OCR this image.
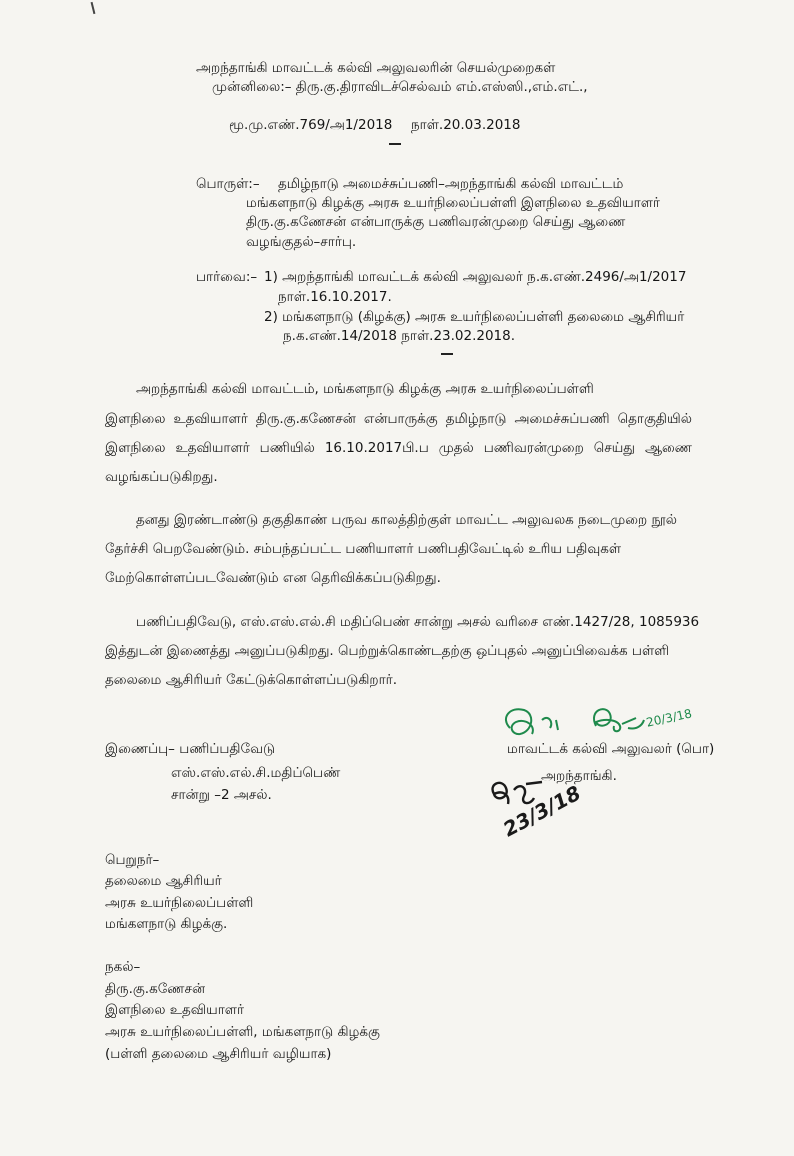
அறந்தாங்கி மாவட்டக் கல்வி அலுவலரின் செயல்முறைகள்
முன்னிலை:– திரு.கு.திராவிடச்செல்வம் எம்.எஸ்ஸி.,எம்.எட்.,
மூ.மு.எண்.769/அ1/2018 நாள்.20.03.2018
பொருள்:– தமிழ்நாடு அமைச்சுப்பணி–அறந்தாங்கி கல்வி மாவட்டம்
மங்களநாடு கிழக்கு அரசு உயர்நிலைப்பள்ளி இளநிலை உதவியாளர்
திரு.கு.கணேசன் என்பாருக்கு பணிவரன்முறை செய்து ஆணை
வழங்குதல்–சார்பு.
பார்வை:– 1) அறந்தாங்கி மாவட்டக் கல்வி அலுவலர் ந.க.எண்.2496/அ1/2017
நாள்.16.10.2017.
2) மங்களநாடு (கிழக்கு) அரசு உயர்நிலைப்பள்ளி தலைமை ஆசிரியர்
ந.க.எண்.14/2018 நாள்.23.02.2018.
அறந்தாங்கி கல்வி மாவட்டம், மங்களநாடு கிழக்கு அரசு உயர்நிலைப்பள்ளி
இளநிலை உதவியாளர் திரு.கு.கணேசன் என்பாருக்கு தமிழ்நாடு அமைச்சுப்பணி தொகுதியில்
இளநிலை உதவியாளர் பணியில் 16.10.2017பி.ப முதல் பணிவரன்முறை செய்து ஆணை
வழங்கப்படுகிறது.
தனது இரண்டாண்டு தகுதிகாண் பருவ காலத்திற்குள் மாவட்ட அலுவலக நடைமுறை நூல்
தேர்ச்சி பெறவேண்டும். சம்பந்தப்பட்ட பணியாளர் பணிபதிவேட்டில் உரிய பதிவுகள்
மேற்கொள்ளப்படவேண்டும் என தெரிவிக்கப்படுகிறது.
பணிப்பதிவேடு, எஸ்.எஸ்.எல்.சி மதிப்பெண் சான்று அசல் வரிசை எண்.1427/28, 1085936
இத்துடன் இணைத்து அனுப்படுகிறது. பெற்றுக்கொண்டதற்கு ஒப்புதல் அனுப்பிவைக்க பள்ளி
தலைமை ஆசிரியர் கேட்டுக்கொள்ளப்படுகிறார்.
20/3/18
மாவட்டக் கல்வி அலுவலர் (பொ)
அறந்தாங்கி.
இணைப்பு– பணிப்பதிவேடு
எஸ்.எஸ்.எல்.சி.மதிப்பெண்
சான்று –2 அசல்.	23/3/18
பெறுநர்–
தலைமை ஆசிரியர்
அரசு உயர்நிலைப்பள்ளி
மங்களநாடு கிழக்கு.
நகல்–
திரு.கு.கணேசன்
இளநிலை உதவியாளர்
அரசு உயர்நிலைப்பள்ளி, மங்களநாடு கிழக்கு
(பள்ளி தலைமை ஆசிரியர் வழியாக)
